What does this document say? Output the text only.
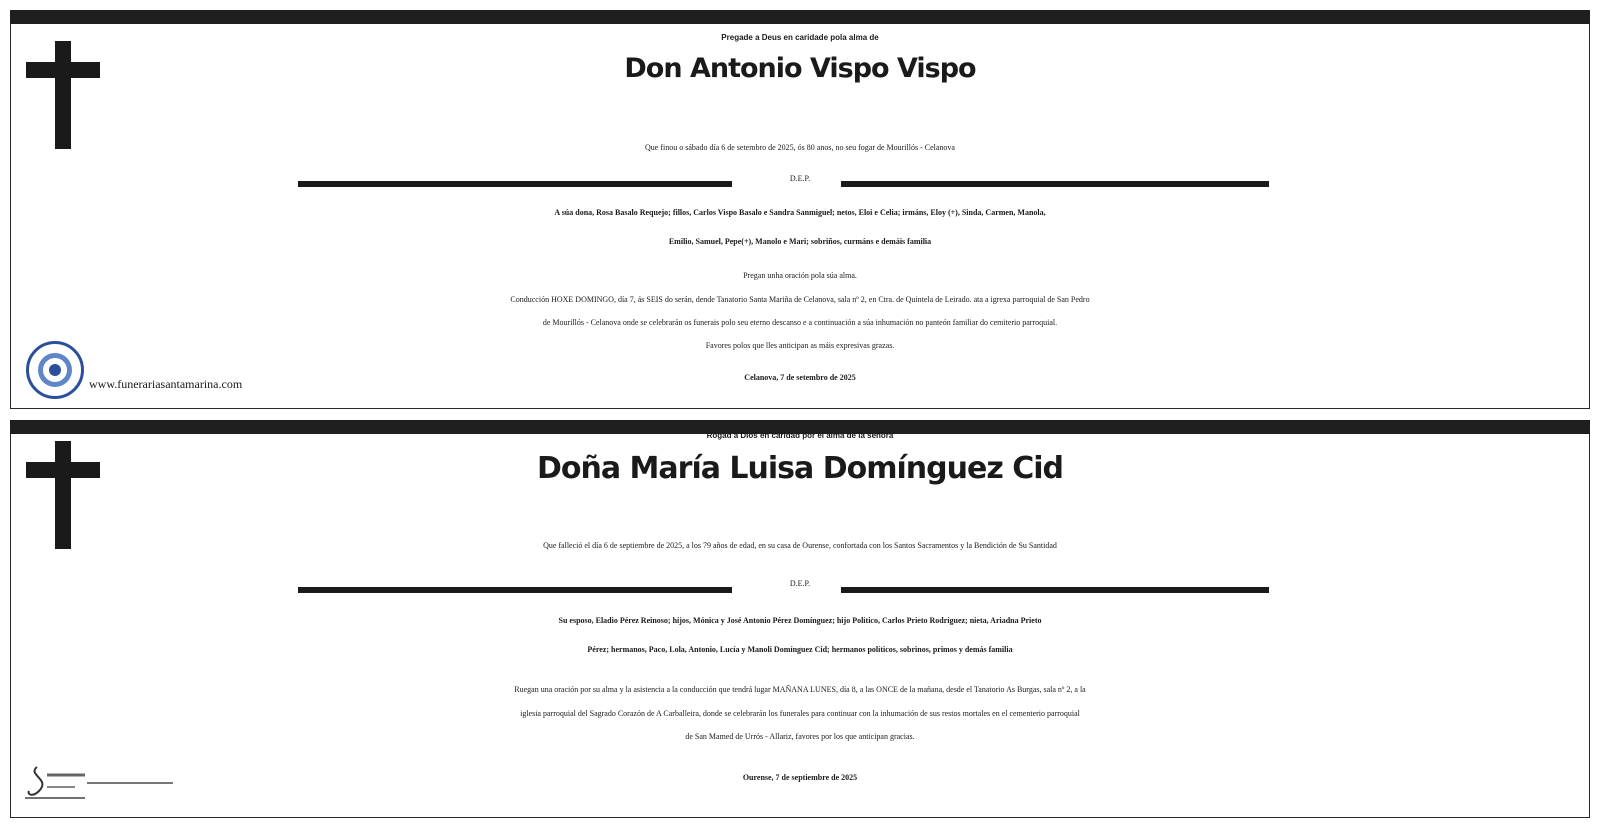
Pregade a Deus en caridade pola alma de
Don Antonio Vispo Vispo
Que finou o sábado día 6 de setembro de 2025, ós 80 anos, no seu fogar de Mourillós - Celanova
D.E.P.
A súa dona, Rosa Basalo Requejo; fillos, Carlos Vispo Basalo e Sandra Sanmiguel; netos, Eloi e Celia; irmáns, Eloy (+), Sinda, Carmen, Manola,
Emilio, Samuel, Pepe(+), Manolo e Mari; sobriños, curmáns e demáis familia
Pregan unha oración pola súa alma.
Conducción HOXE DOMINGO, día 7, ás SEIS do serán, dende Tanatorio Santa Mariña de Celanova, sala nº 2, en Ctra. de Quintela de Leirado. ata a igrexa parroquial de San Pedro
de Mourillós - Celanova onde se celebrarán os funerais polo seu eterno descanso e a continuación a súa inhumación no panteón familiar do cemiterio parroquial.
Favores polos que lles anticipan as máis expresivas grazas.
www.funerariasantamarina.com	Celanova, 7 de setembro de 2025
Rogad a Dios en caridad por el alma de la señora
Doña María Luisa Domínguez Cid
Que falleció el día 6 de septiembre de 2025, a los 79 años de edad, en su casa de Ourense, confortada con los Santos Sacramentos y la Bendición de Su Santidad
D.E.P.
Su esposo, Eladio Pérez Reinoso; hijos, Mónica y José Antonio Pérez Domínguez; hijo Político, Carlos Prieto Rodríguez; nieta, Ariadna Prieto
Pérez; hermanos, Paco, Lola, Antonio, Lucía y Manoli Domínguez Cid; hermanos políticos, sobrinos, primos y demás familia
Ruegan una oración por su alma y la asistencia a la conducción que tendrá lugar MAÑANA LUNES, día 8, a las ONCE de la mañana, desde el Tanatorio As Burgas, sala nº 2, a la
iglesia parroquial del Sagrado Corazón de A Carballeira, donde se celebrarán los funerales para continuar con la inhumación de sus restos mortales en el cementerio parroquial
de San Mamed de Urrós - Allariz, favores por los que anticipan gracias.
Ourense, 7 de septiembre de 2025
